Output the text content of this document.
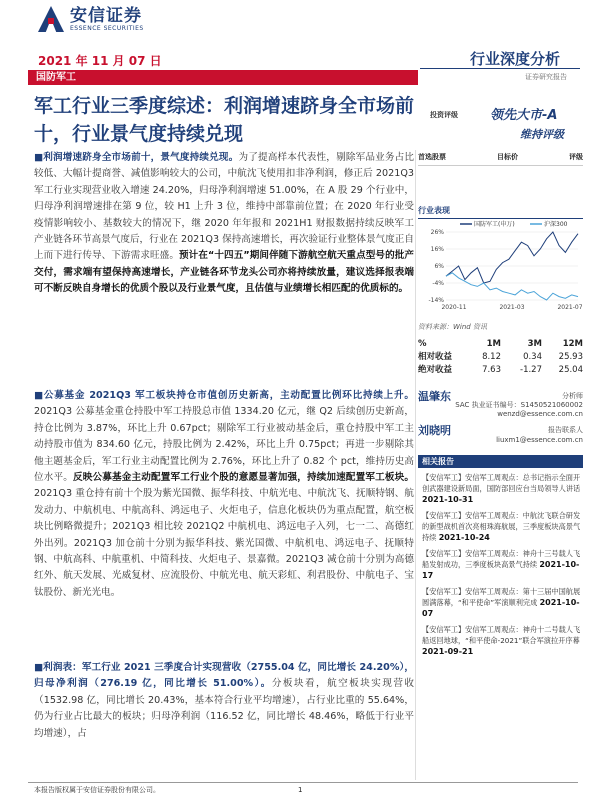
安信证券
ESSENCE SECURITIES
2021 年 11 月 07 日
国防军工
行业深度分析
证券研究报告
军工行业三季度综述：利润增速跻身全市场前十，行业景气度持续兑现
投资评级 领先大市-A
维持评级
首选股票	目标价	评级
■利润增速跻身全市场前十，景气度持续兑现。为了提高样本代表性，剔除军品业务占比较低、大幅计提商誉、减值影响较大的公司，中航沈飞使用扣非净利润，修正后 2021Q3 军工行业实现营业收入增速 24.20%，归母净利润增速 51.00%，在 A 股 29 个行业中，归母净利润增速排在第 9 位，较 H1 上升 3 位，维持中部靠前位置；在 2020 年行业受疫情影响较小、基数较大的情况下，继 2020 年年报和 2021H1 财报数据持续反映军工产业链各环节高景气度后，行业在 2021Q3 保持高速增长，再次验证行业整体景气度正自上而下进行传导、下游需求旺盛。预计在“十四五”期间伴随下游航空航天重点型号的批产交付，需求端有望保持高速增长，产业链各环节龙头公司亦将持续放量，建议选择报表端可不断反映自身增长的优质个股以及行业景气度，且估值与业绩增长相匹配的优质标的。
■公募基金 2021Q3 军工板块持仓市值创历史新高，主动配置比例环比持续上升。2021Q3 公募基金重仓持股中军工持股总市值 1334.20 亿元，继 Q2 后续创历史新高，持仓比例为 3.87%，环比上升 0.67pct；剔除军工行业被动基金后，重仓持股中军工主动持股市值为 834.60 亿元，持股比例为 2.42%，环比上升 0.75pct；再进一步剔除其他主题基金后，军工行业主动配置比例为 2.76%，环比上升了 0.82 个 pct，维持历史高位水平。反映公募基金主动配置军工行业个股的意愿显著加强，持续加速配置军工板块。2021Q3 重仓持有前十个股为紫光国微、振华科技、中航光电、中航沈飞、抚顺特钢、航发动力、中航机电、中航高科、鸿远电子、火炬电子，信息化板块仍为重点配置，航空板块比例略微提升；2021Q3 相比较 2021Q2 中航机电、鸿远电子入列，七一二、高德红外出列。2021Q3 加仓前十分别为振华科技、紫光国微、中航机电、鸿远电子、抚顺特钢、中航高科、中航重机、中简科技、火炬电子、景嘉微。2021Q3 减仓前十分别为高德红外、航天发展、光威复材、应流股份、中航光电、航天彩虹、利君股份、中航电子、宝钛股份、新光光电。
■利润表：军工行业 2021 三季度合计实现营收（2755.04 亿，同比增长 24.20%），归母净利润（276.19 亿，同比增长 51.00%）。分板块看，航空板块实现营收（1532.98 亿，同比增长 20.43%，基本符合行业平均增速），占行业比重的 55.64%，仍为行业占比最大的板块；归母净利润（116.52 亿，同比增长 48.46%，略低于行业平均增速），占
行业表现
26%
16%
6%
-4%
-14%
2020-11	2021-03	2021-07
国防军工(申万)	沪深300
资料来源：Wind 资讯
%	1M	3M	12M
相对收益	8.12	0.34	25.93
绝对收益	7.63	-1.27	25.04
温肇东	分析师
SAC 执业证书编号：S1450521060002
wenzd@essence.com.cn
刘晓明	报告联系人
liuxm1@essence.com.cn
相关报告
【安信军工】安信军工周观点：总书记指示全面开创武器建设新局面，国防部回应台当局领导人讲话 2021-10-31
【安信军工】安信军工周观点：中航沈飞联合研发的新型战机首次亮相珠海航展，三季度板块高景气持续 2021-10-24
【安信军工】安信军工周观点：神舟十三号载人飞船发射成功，三季度板块高景气持续 2021-10-17
【安信军工】安信军工周观点：第十三届中国航展圆满落幕，“和平使命”军演顺利完成 2021-10-07
【安信军工】安信军工周观点：神舟十二号载人飞船返回地球，“和平使命-2021”联合军演拉开序幕 2021-09-21
本报告版权属于安信证券股份有限公司。	1
